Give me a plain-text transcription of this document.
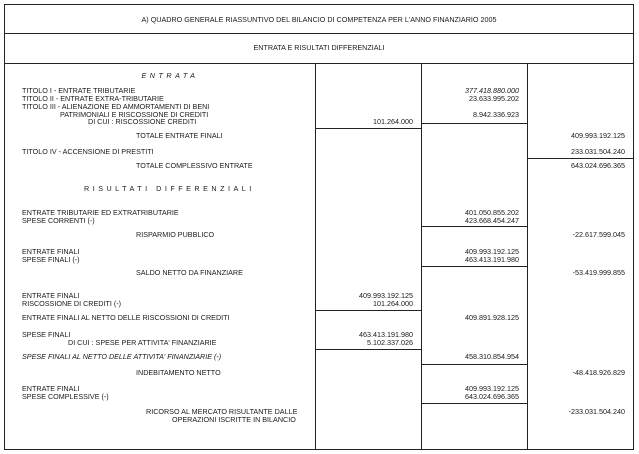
A) QUADRO GENERALE RIASSUNTIVO DEL BILANCIO DI COMPETENZA PER L'ANNO FINANZIARIO 2005
ENTRATA E RISULTATI DIFFERENZIALI
ENTRATA
TITOLO I - ENTRATE TRIBUTARIE	377.418.880.000
TITOLO II - ENTRATE EXTRA-TRIBUTARIE	23.633.995.202
TITOLO III - ALIENAZIONE ED AMMORTAMENTI DI BENI
PATRIMONIALI E RISCOSSIONE DI CREDITI	8.942.336.923
DI CUI : RISCOSSIONE CREDITI	101.264.000
TOTALE ENTRATE FINALI	409.993.192.125
TITOLO IV - ACCENSIONE DI PRESTITI	233.031.504.240
TOTALE COMPLESSIVO ENTRATE	643.024.696.365
RISULTATI DIFFERENZIALI
ENTRATE TRIBUTARIE ED EXTRATRIBUTARIE	401.050.855.202
SPESE CORRENTI (-)	423.668.454.247
RISPARMIO PUBBLICO	-22.617.599.045
ENTRATE FINALI	409.993.192.125
SPESE FINALI (-)	463.413.191.980
SALDO NETTO DA FINANZIARE	-53.419.999.855
ENTRATE FINALI	409.993.192.125
RISCOSSIONE DI CREDITI (-)	101.264.000
ENTRATE FINALI AL NETTO DELLE RISCOSSIONI DI CREDITI	409.891.928.125
SPESE FINALI	463.413.191.980
DI CUI : SPESE PER ATTIVITA' FINANZIARIE	5.102.337.026
SPESE FINALI AL NETTO DELLE ATTIVITA' FINANZIARIE (-)	458.310.854.954
INDEBITAMENTO NETTO	-48.418.926.829
ENTRATE FINALI	409.993.192.125
SPESE COMPLESSIVE (-)	643.024.696.365
RICORSO AL MERCATO RISULTANTE DALLE
OPERAZIONI ISCRITTE IN BILANCIO
-233.031.504.240
